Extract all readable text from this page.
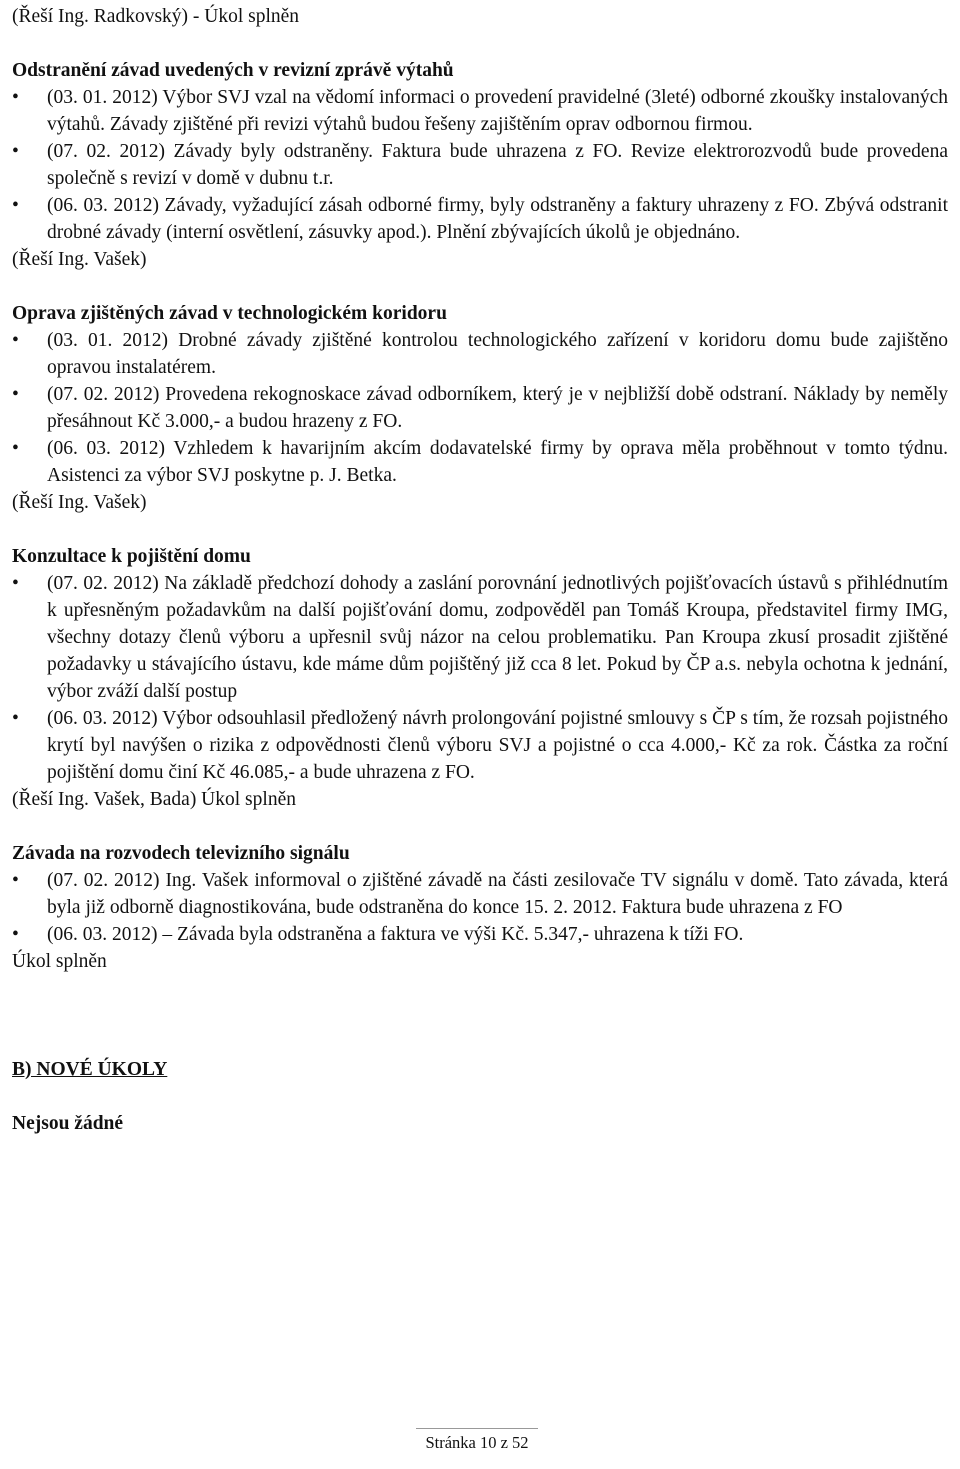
(Řeší Ing. Radkovský) - Úkol splněn

Odstranění závad uvedených v revizní zprávě výtahů

• (03. 01. 2012) Výbor SVJ vzal na vědomí informaci o provedení pravidelné (3leté) odborné zkoušky instalovaných výtahů. Závady zjištěné při revizi výtahů budou řešeny zajištěním oprav odbornou firmou.
• (07. 02. 2012) Závady byly odstraněny. Faktura bude uhrazena z FO. Revize elektrorozvodů bude provedena společně s revizí v domě v dubnu t.r.
• (06. 03. 2012) Závady, vyžadující zásah odborné firmy, byly odstraněny a faktury uhrazeny z FO. Zbývá odstranit drobné závady (interní osvětlení, zásuvky apod.). Plnění zbývajících úkolů je objednáno.

(Řeší Ing. Vašek)

Oprava zjištěných závad v technologickém koridoru

• (03. 01. 2012) Drobné závady zjištěné kontrolou technologického zařízení v koridoru domu bude zajištěno opravou instalatérem.
• (07. 02. 2012) Provedena rekognoskace závad odborníkem, který je v nejbližší době odstraní. Náklady by neměly přesáhnout Kč 3.000,- a budou hrazeny z FO.
• (06. 03. 2012) Vzhledem k havarijním akcím dodavatelské firmy by oprava měla proběhnout v tomto týdnu. Asistenci za výbor SVJ poskytne p. J. Betka.

(Řeší Ing. Vašek)

Konzultace k pojištění domu

• (07. 02. 2012) Na základě předchozí dohody a zaslání porovnání jednotlivých pojišťovacích ústavů s přihlédnutím k upřesněným požadavkům na další pojišťování domu, zodpověděl pan Tomáš Kroupa, představitel firmy IMG, všechny dotazy členů výboru a upřesnil svůj názor na celou problematiku. Pan Kroupa zkusí prosadit zjištěné požadavky u stávajícího ústavu, kde máme dům pojištěný již cca 8 let. Pokud by ČP a.s. nebyla ochotna k jednání, výbor zváží další postup
• (06. 03. 2012) Výbor odsouhlasil předložený návrh prolongování pojistné smlouvy s ČP s tím, že rozsah pojistného krytí byl navýšen o rizika z odpovědnosti členů výboru SVJ a pojistné o cca 4.000,- Kč za rok. Částka za roční pojištění domu činí Kč 46.085,- a bude uhrazena z FO.

(Řeší Ing. Vašek, Bada) Úkol splněn

Závada na rozvodech televizního signálu

• (07. 02. 2012) Ing. Vašek informoval o zjištěné závadě na části zesilovače TV signálu v domě. Tato závada, která byla již odborně diagnostikována, bude odstraněna do konce 15. 2. 2012. Faktura bude uhrazena z FO
• (06. 03. 2012) – Závada byla odstraněna a faktura ve výši Kč. 5.347,- uhrazena k tíži FO.

Úkol splněn

B) NOVÉ ÚKOLY

Nejsou žádné

Stránka 10 z 52
